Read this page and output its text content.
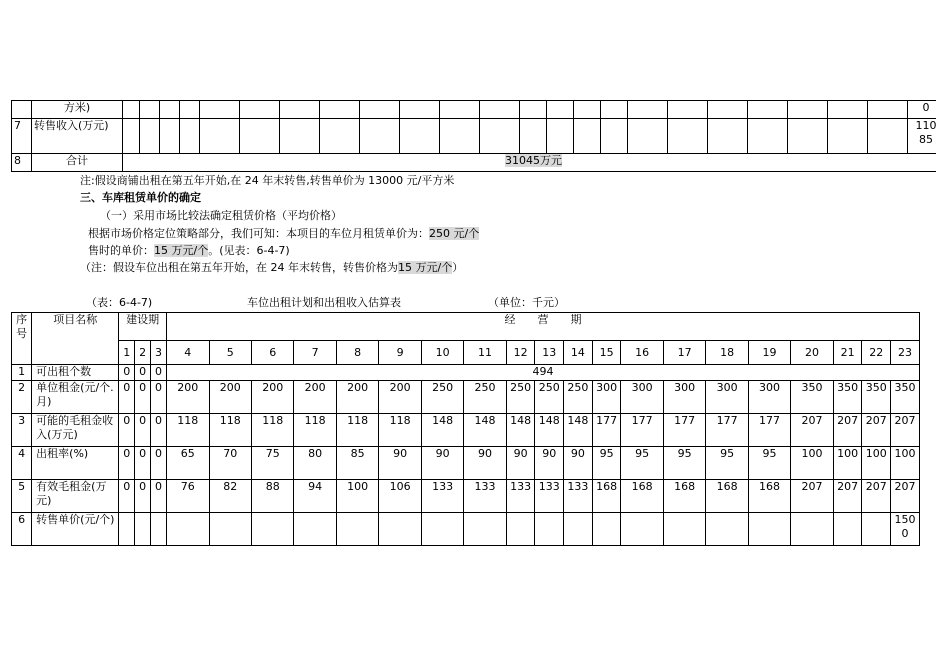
	方米)																								0
7	转售收入(万元)																								11085
8	合计	31045万元																							
注:假设商铺出租在第五年开始,在 24 年末转售,转售单价为 13000 元/平方米
三、车库租赁单价的确定
（一）采用市场比较法确定租赁价格（平均价格）
根据市场价格定位策略部分，我们可知：本项目的车位月租赁单价为：250 元/个
售时的单价：15 万元/个。(见表：6-4-7)
（注：假设车位出租在第五年开始，在 24 年末转售，转售价格为15 万元/个）
（表：6-4-7)	车位出租计划和出租收入估算表	（单位：千元）
序号	项目名称	建设期			经　　营　　期																			
		1	2	3	4	5	6	7	8	9	10	11	12	13	14	15	16	17	18	19	20	21	22	23
1	可出租个数	0	0	0	494																			
2	单位租金(元/个.月)	0	0	0	200	200	200	200	200	200	250	250	250	250	250	300	300	300	300	300	350	350	350	350
3	可能的毛租金收入(万元)	0	0	0	118	118	118	118	118	118	148	148	148	148	148	177	177	177	177	177	207	207	207	207
4	出租率(%)	0	0	0	65	70	75	80	85	90	90	90	90	90	90	95	95	95	95	95	100	100	100	100
5	有效毛租金(万元)	0	0	0	76	82	88	94	100	106	133	133	133	133	133	168	168	168	168	168	207	207	207	207
6	转售单价(元/个)																							1500
